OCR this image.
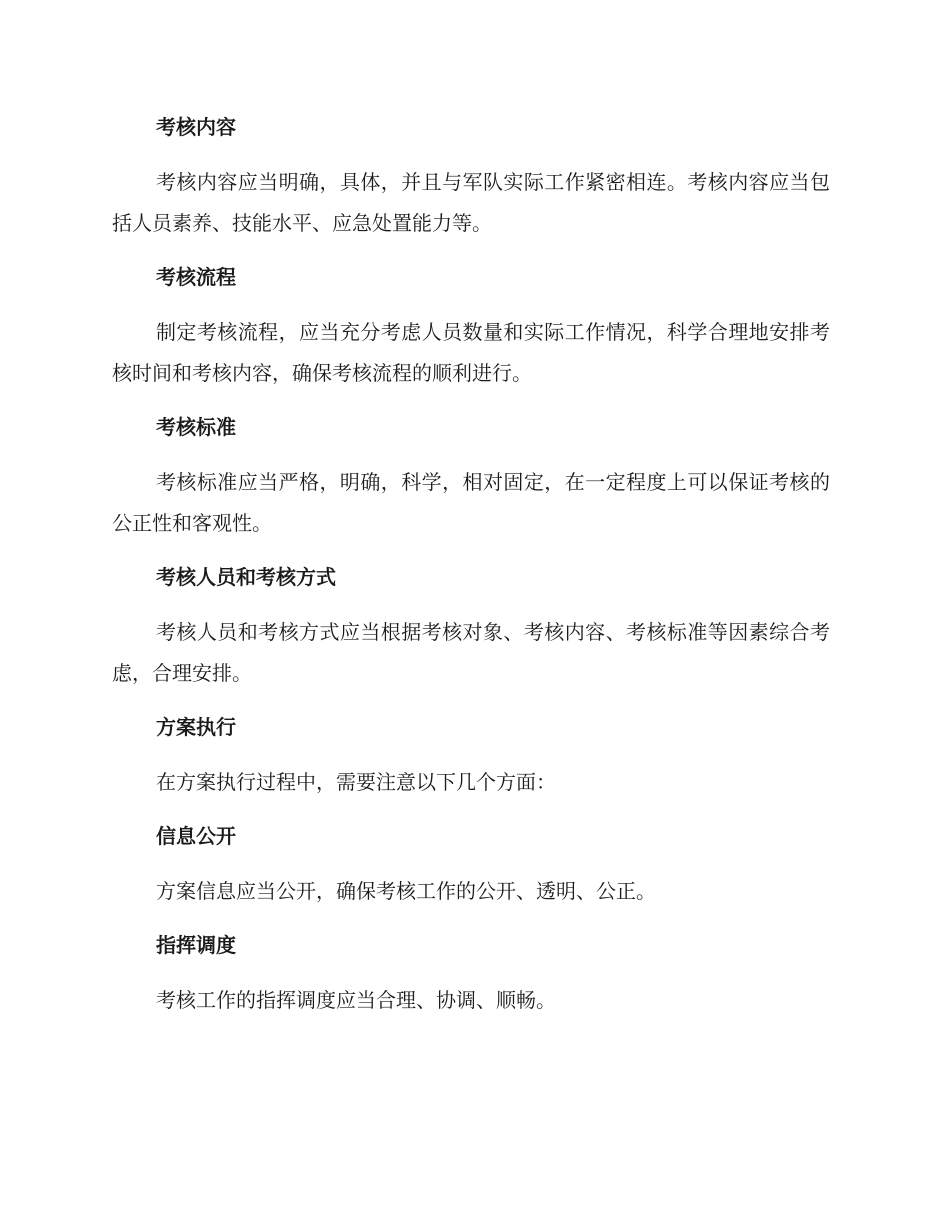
考核内容

考核内容应当明确，具体，并且与军队实际工作紧密相连。考核内容应当包括人员素养、技能水平、应急处置能力等。

考核流程

制定考核流程，应当充分考虑人员数量和实际工作情况，科学合理地安排考核时间和考核内容，确保考核流程的顺利进行。

考核标准

考核标准应当严格，明确，科学，相对固定，在一定程度上可以保证考核的公正性和客观性。

考核人员和考核方式

考核人员和考核方式应当根据考核对象、考核内容、考核标准等因素综合考虑，合理安排。

方案执行

在方案执行过程中，需要注意以下几个方面：

信息公开

方案信息应当公开，确保考核工作的公开、透明、公正。

指挥调度

考核工作的指挥调度应当合理、协调、顺畅。
